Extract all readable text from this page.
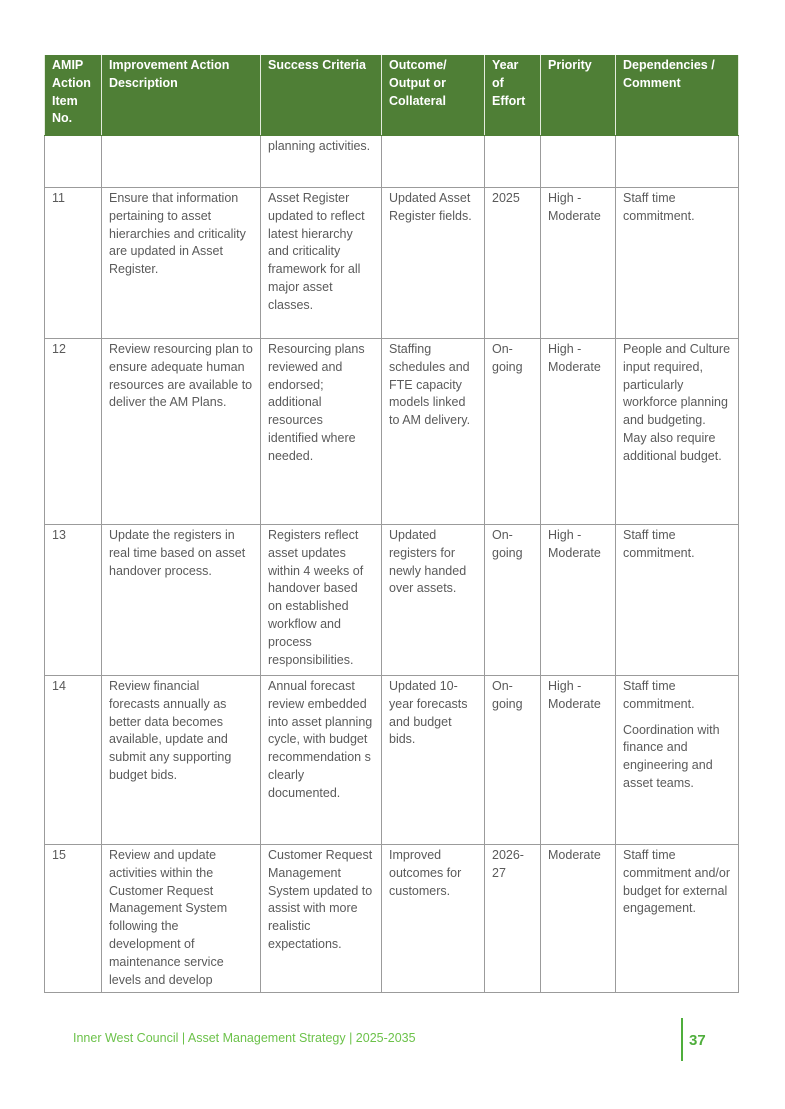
AMIP Action Item No.	Improvement Action Description	Success Criteria	Outcome/ Output or Collateral	Year of Effort	Priority	Dependencies / Comment
		planning activities.				

11	Ensure that information pertaining to asset hierarchies and criticality are updated in Asset Register.	Asset Register updated to reflect latest hierarchy and criticality framework for all major asset classes.	Updated Asset Register fields.	2025	High - Moderate	Staff time commitment.

12	Review resourcing plan to ensure adequate human resources are available to deliver the AM Plans.	Resourcing plans reviewed and endorsed; additional resources identified where needed.	Staffing schedules and FTE capacity models linked to AM delivery.	On-going	High - Moderate	People and Culture input required, particularly workforce planning and budgeting. May also require additional budget.

13	Update the registers in real time based on asset handover process.	Registers reflect asset updates within 4 weeks of handover based on established workflow and process responsibilities.	Updated registers for newly handed over assets.	On-going	High - Moderate	Staff time commitment.

14	Review financial forecasts annually as better data becomes available, update and submit any supporting budget bids.	Annual forecast review embedded into asset planning cycle, with budget recommendation s clearly documented.	Updated 10-year forecasts and budget bids.	On-going	High - Moderate	Staff time commitment.

Coordination with finance and engineering and asset teams.

15	Review and update activities within the Customer Request Management System following the development of maintenance service levels and develop	Customer Request Management System updated to assist with more realistic expectations.	Improved outcomes for customers.	2026-27	Moderate	Staff time commitment and/or budget for external engagement.

Inner West Council | Asset Management Strategy | 2025-2035	37
